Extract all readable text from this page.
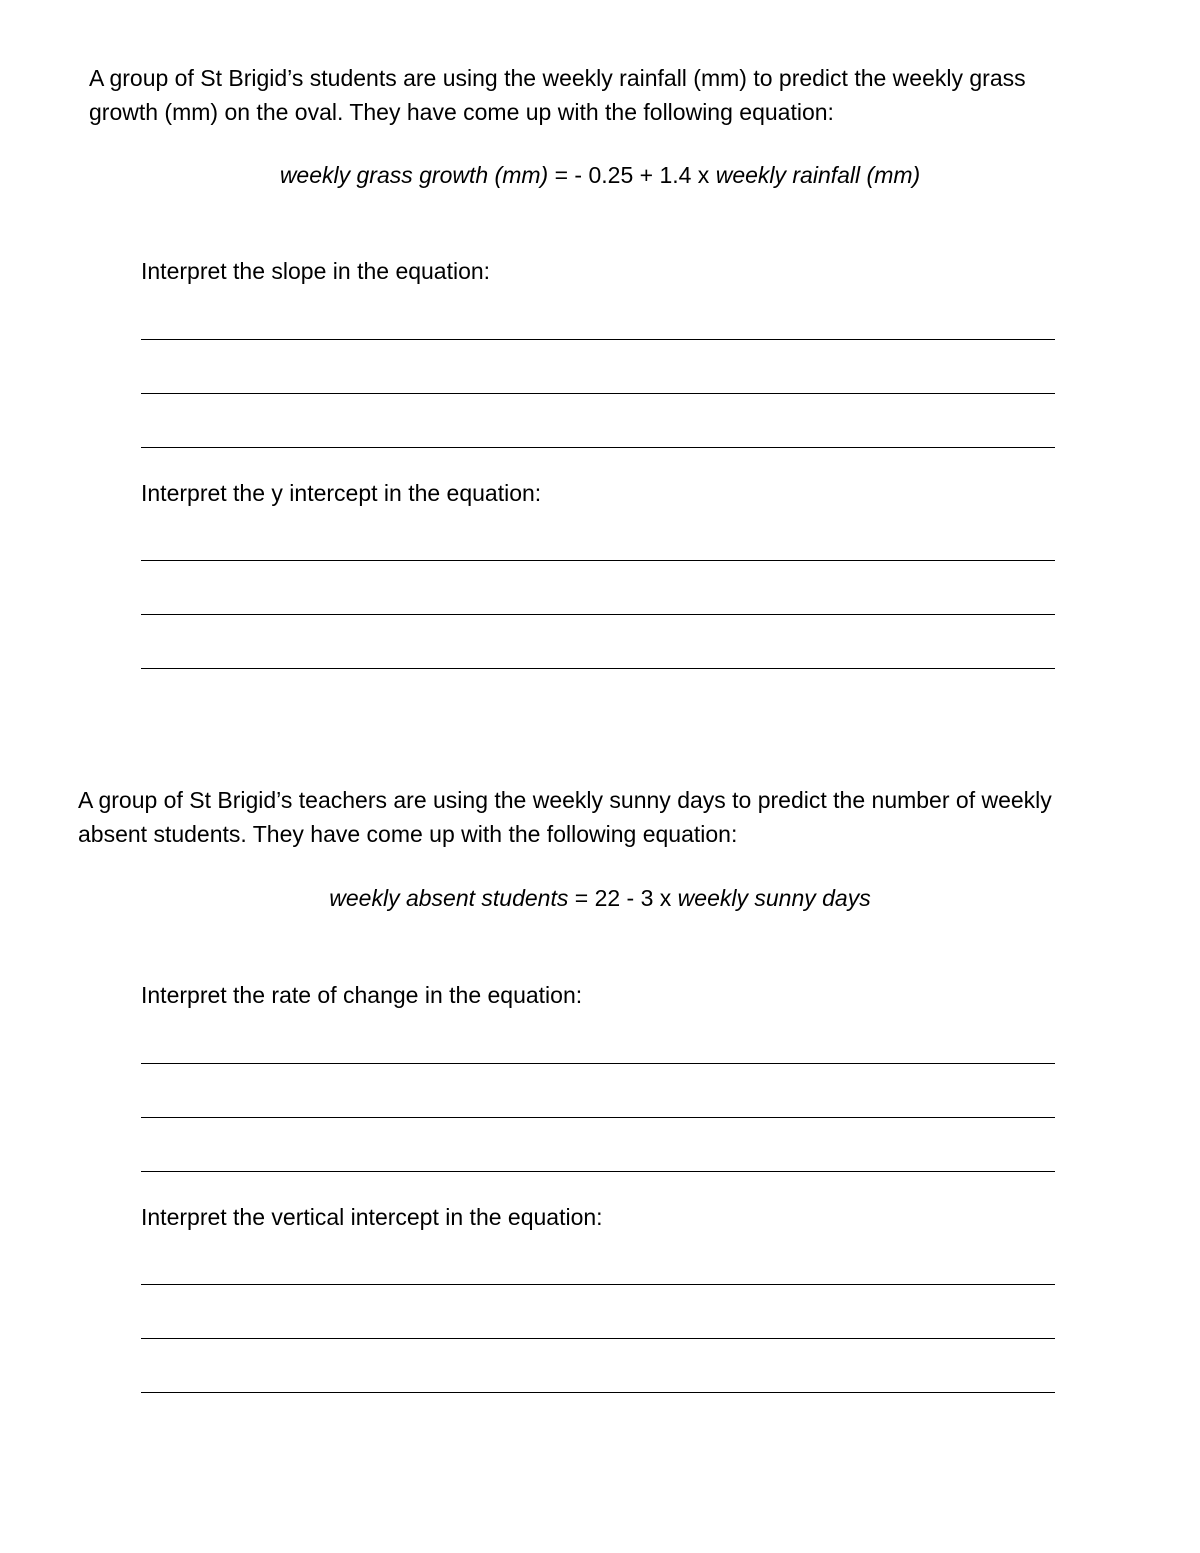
A group of St Brigid’s students are using the weekly rainfall (mm) to predict the weekly grass growth (mm) on the oval. They have come up with the following equation:

weekly grass growth (mm) = - 0.25 + 1.4 x weekly rainfall (mm)

Interpret the slope in the equation:

Interpret the y intercept in the equation:

A group of St Brigid’s teachers are using the weekly sunny days to predict the number of weekly absent students. They have come up with the following equation:

weekly absent students = 22 - 3 x weekly sunny days

Interpret the rate of change in the equation:

Interpret the vertical intercept in the equation:
